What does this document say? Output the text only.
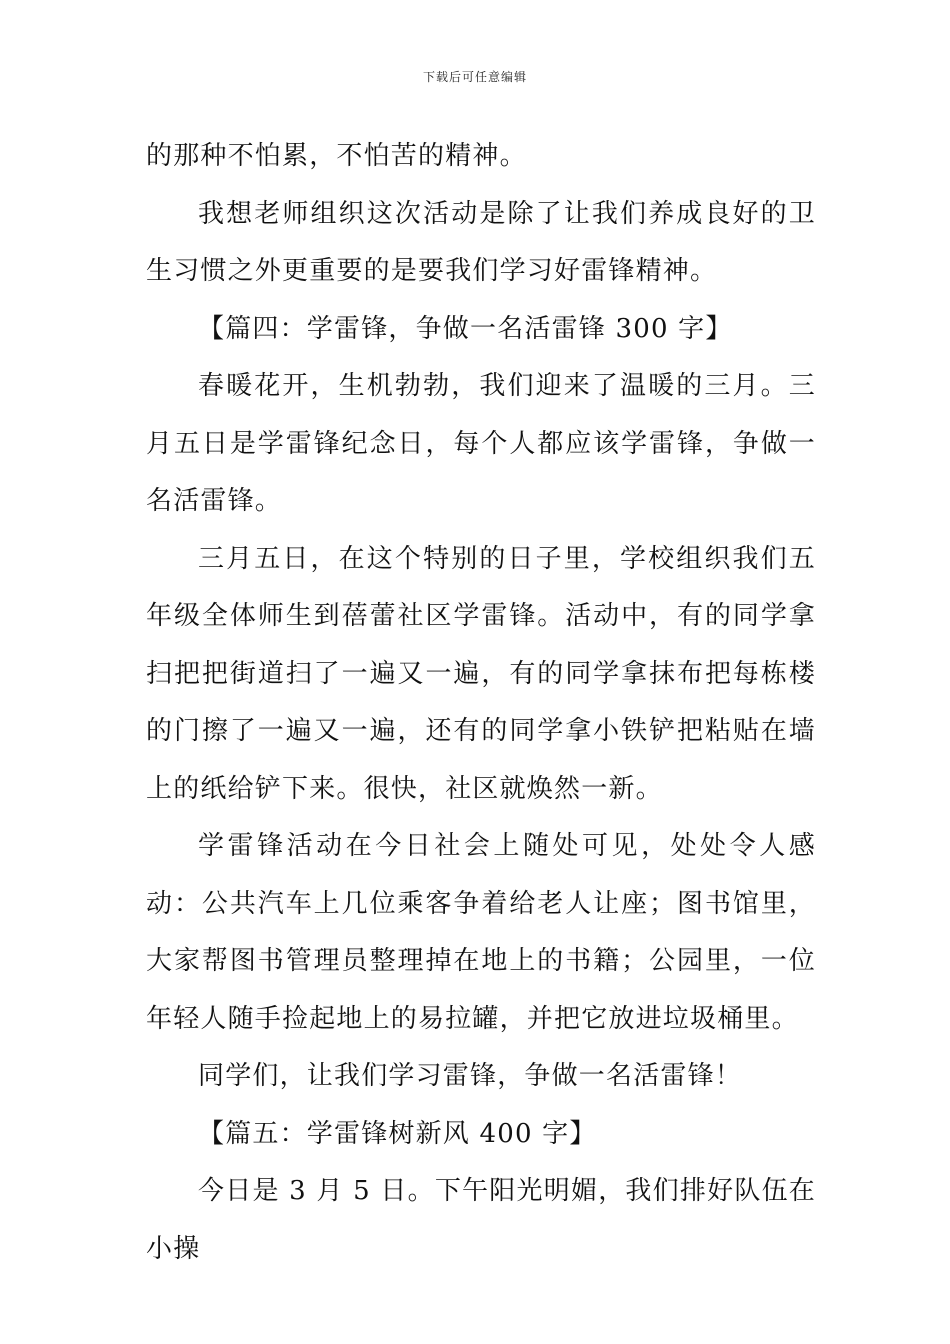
下载后可任意编辑

的那种不怕累，不怕苦的精神。

我想老师组织这次活动是除了让我们养成良好的卫生习惯之外更重要的是要我们学习好雷锋精神。

【篇四：学雷锋，争做一名活雷锋 300 字】

春暖花开，生机勃勃，我们迎来了温暖的三月。三月五日是学雷锋纪念日，每个人都应该学雷锋，争做一名活雷锋。

三月五日，在这个特别的日子里，学校组织我们五年级全体师生到蓓蕾社区学雷锋。活动中，有的同学拿扫把把街道扫了一遍又一遍，有的同学拿抹布把每栋楼的门擦了一遍又一遍，还有的同学拿小铁铲把粘贴在墙上的纸给铲下来。很快，社区就焕然一新。

学雷锋活动在今日社会上随处可见，处处令人感动：公共汽车上几位乘客争着给老人让座；图书馆里，大家帮图书管理员整理掉在地上的书籍；公园里，一位年轻人随手捡起地上的易拉罐，并把它放进垃圾桶里。

同学们，让我们学习雷锋，争做一名活雷锋！

【篇五：学雷锋树新风 400 字】

今日是 3 月 5 日。下午阳光明媚，我们排好队伍在小操
